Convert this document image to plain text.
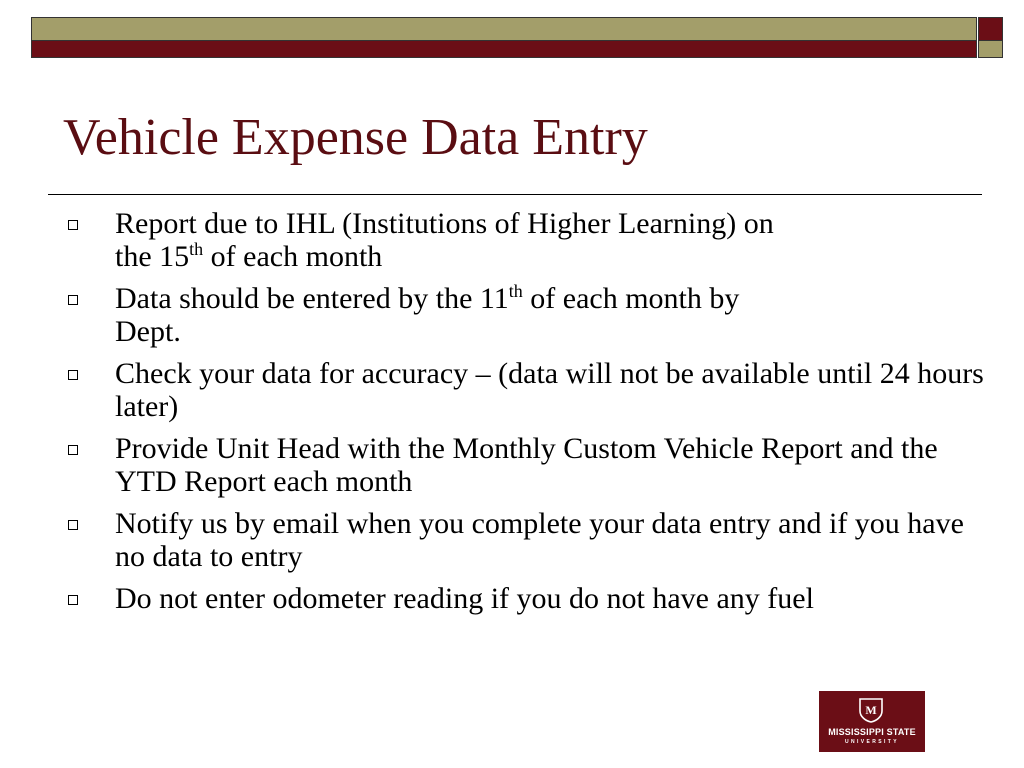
Vehicle Expense Data Entry
Report due to IHL (Institutions of Higher Learning) on
the 15th of each month
Data should be entered by the 11th of each month by
Dept.
Check your data for accuracy – (data will not be available until 24 hours later)
Provide Unit Head with the Monthly Custom Vehicle Report and the YTD Report each month
Notify us by email when you complete your data entry and if you have no data to entry
Do not enter odometer reading if you do not have any fuel
M
MISSISSIPPI STATE
UNIVERSITY
